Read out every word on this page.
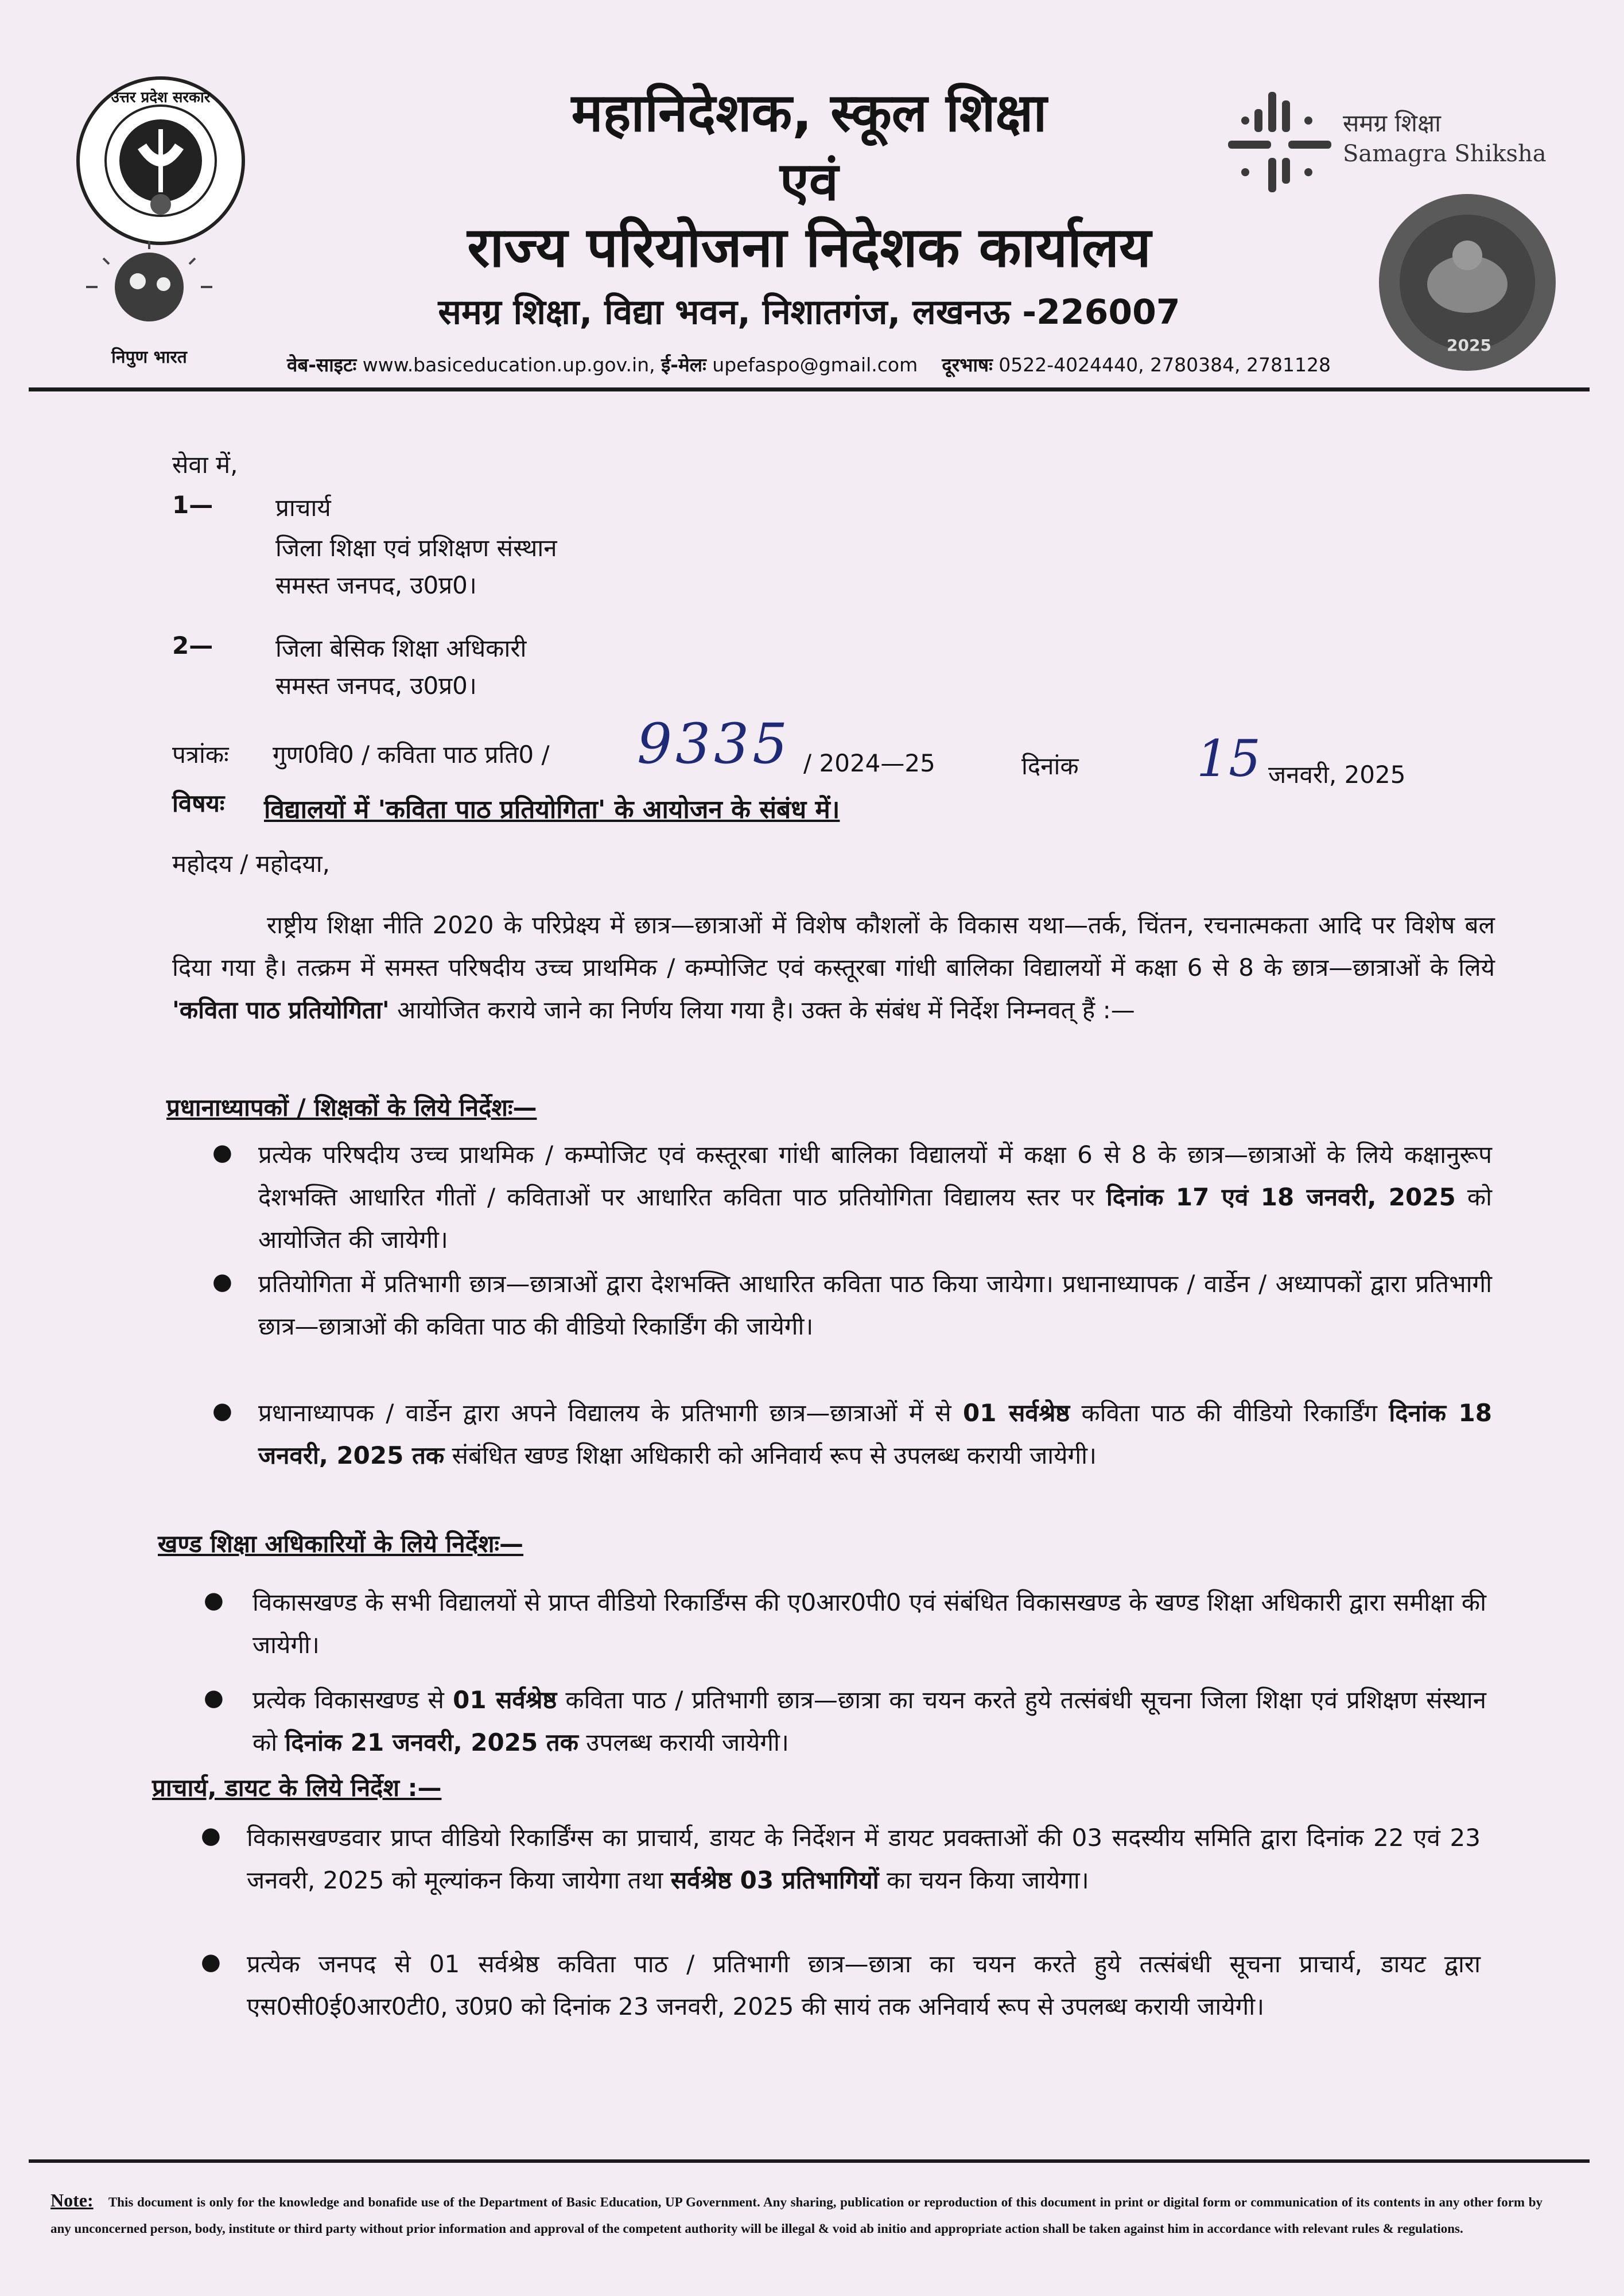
उत्तर प्रदेश सरकार
निपुण भारत
महानिदेशक, स्कूल शिक्षा
एवं
राज्य परियोजना निदेशक कार्यालय
समग्र शिक्षा, विद्या भवन, निशातगंज, लखनऊ -226007
वेब-साइटः www.basiceducation.up.gov.in, ई-मेलः upefaspo@gmail.com दूरभाषः 0522-4024440, 2780384, 2781128
समग्र शिक्षा
Samagra Shiksha
2025
सेवा में,
1—	प्राचार्य
जिला शिक्षा एवं प्रशिक्षण संस्थान
समस्त जनपद, उ0प्र0।
2—	जिला बेसिक शिक्षा अधिकारी
समस्त जनपद, उ0प्र0।
पत्रांकः गुण0वि0 / कविता पाठ प्रति0 / 9335 / 2024—25	दिनांक 15 जनवरी, 2025
विषयः विद्यालयों में 'कविता पाठ प्रतियोगिता' के आयोजन के संबंध में।
महोदय / महोदया,
राष्ट्रीय शिक्षा नीति 2020 के परिप्रेक्ष्य में छात्र—छात्राओं में विशेष कौशलों के विकास यथा—तर्क, चिंतन, रचनात्मकता आदि पर विशेष बल दिया गया है। तत्क्रम में समस्त परिषदीय उच्च प्राथमिक / कम्पोजिट एवं कस्तूरबा गांधी बालिका विद्यालयों में कक्षा 6 से 8 के छात्र—छात्राओं के लिये 'कविता पाठ प्रतियोगिता' आयोजित कराये जाने का निर्णय लिया गया है। उक्त के संबंध में निर्देश निम्नवत् हैं :—
प्रधानाध्यापकों / शिक्षकों के लिये निर्देशः—
● प्रत्येक परिषदीय उच्च प्राथमिक / कम्पोजिट एवं कस्तूरबा गांधी बालिका विद्यालयों में कक्षा 6 से 8 के छात्र—छात्राओं के लिये कक्षानुरूप देशभक्ति आधारित गीतों / कविताओं पर आधारित कविता पाठ प्रतियोगिता विद्यालय स्तर पर दिनांक 17 एवं 18 जनवरी, 2025 को आयोजित की जायेगी।
● प्रतियोगिता में प्रतिभागी छात्र—छात्राओं द्वारा देशभक्ति आधारित कविता पाठ किया जायेगा। प्रधानाध्यापक / वार्डेन / अध्यापकों द्वारा प्रतिभागी छात्र—छात्राओं की कविता पाठ की वीडियो रिकार्डिंग की जायेगी।
● प्रधानाध्यापक / वार्डेन द्वारा अपने विद्यालय के प्रतिभागी छात्र—छात्राओं में से 01 सर्वश्रेष्ठ कविता पाठ की वीडियो रिकार्डिंग दिनांक 18 जनवरी, 2025 तक संबंधित खण्ड शिक्षा अधिकारी को अनिवार्य रूप से उपलब्ध करायी जायेगी।
खण्ड शिक्षा अधिकारियों के लिये निर्देशः—
● विकासखण्ड के सभी विद्यालयों से प्राप्त वीडियो रिकार्डिंग्स की ए0आर0पी0 एवं संबंधित विकासखण्ड के खण्ड शिक्षा अधिकारी द्वारा समीक्षा की जायेगी।
● प्रत्येक विकासखण्ड से 01 सर्वश्रेष्ठ कविता पाठ / प्रतिभागी छात्र—छात्रा का चयन करते हुये तत्संबंधी सूचना जिला शिक्षा एवं प्रशिक्षण संस्थान को दिनांक 21 जनवरी, 2025 तक उपलब्ध करायी जायेगी।
प्राचार्य, डायट के लिये निर्देश :—
● विकासखण्डवार प्राप्त वीडियो रिकार्डिंग्स का प्राचार्य, डायट के निर्देशन में डायट प्रवक्ताओं की 03 सदस्यीय समिति द्वारा दिनांक 22 एवं 23 जनवरी, 2025 को मूल्यांकन किया जायेगा तथा सर्वश्रेष्ठ 03 प्रतिभागियों का चयन किया जायेगा।
● प्रत्येक जनपद से 01 सर्वश्रेष्ठ कविता पाठ / प्रतिभागी छात्र—छात्रा का चयन करते हुये तत्संबंधी सूचना प्राचार्य, डायट द्वारा एस0सी0ई0आर0टी0, उ0प्र0 को दिनांक 23 जनवरी, 2025 की सायं तक अनिवार्य रूप से उपलब्ध करायी जायेगी।
Note: This document is only for the knowledge and bonafide use of the Department of Basic Education, UP Government. Any sharing, publication or reproduction of this document in print or digital form or communication of its contents in any other form by any unconcerned person, body, institute or third party without prior information and approval of the competent authority will be illegal & void ab initio and appropriate action shall be taken against him in accordance with relevant rules & regulations.
